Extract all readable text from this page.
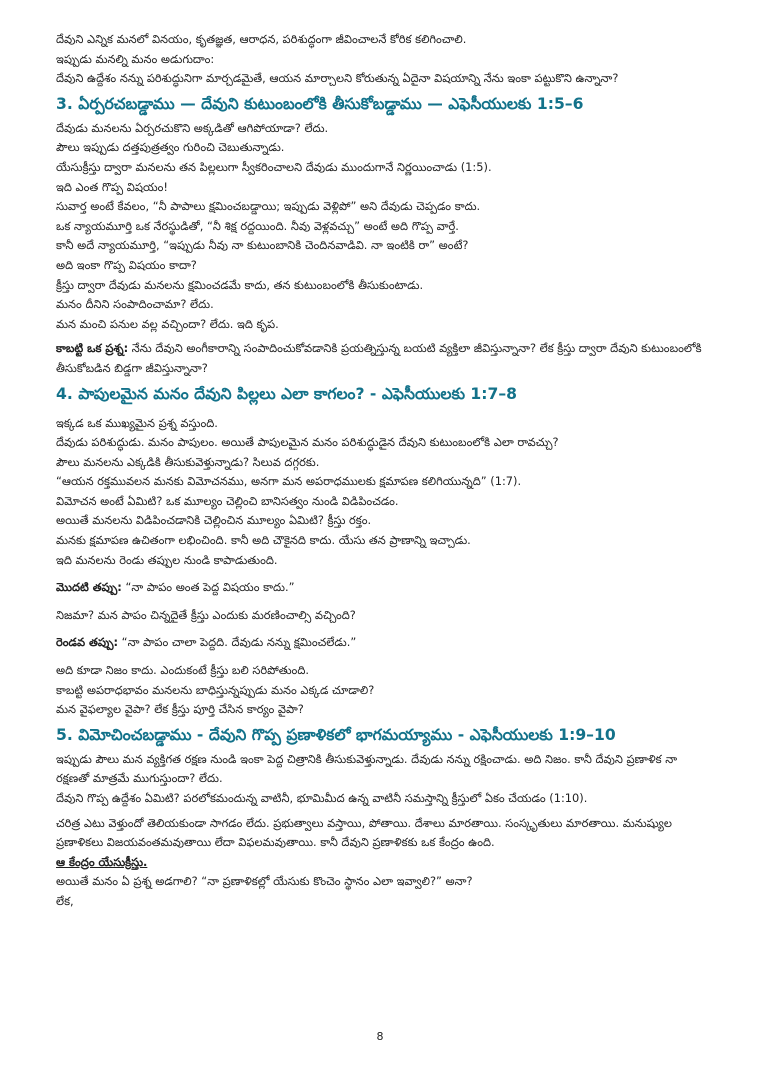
దేవుని ఎన్నిక మనలో వినయం, కృతజ్ఞత, ఆరాధన, పరిశుద్ధంగా జీవించాలనే కోరిక కలిగించాలి.

ఇప్పుడు మనల్ని మనం అడుగుదాం:

దేవుని ఉద్దేశం నన్ను పరిశుద్ధునిగా మార్చడమైతే, ఆయన మార్చాలని కోరుతున్న ఏదైనా విషయాన్ని నేను ఇంకా పట్టుకొని ఉన్నానా?

3. ఏర్పరచబడ్డాము — దేవుని కుటుంబంలోకి తీసుకోబడ్డాము — ఎఫెసీయులకు 1:5–6

దేవుడు మనలను ఏర్పరచుకొని అక్కడితో ఆగిపోయాడా? లేదు.

పౌలు ఇప్పుడు దత్తపుత్రత్వం గురించి చెబుతున్నాడు.

యేసుక్రీస్తు ద్వారా మనలను తన పిల్లలుగా స్వీకరించాలని దేవుడు ముందుగానే నిర్ణయించాడు (1:5).

ఇది ఎంత గొప్ప విషయం!

సువార్త అంటే కేవలం, “నీ పాపాలు క్షమించబడ్డాయి; ఇప్పుడు వెళ్లిపో” అని దేవుడు చెప్పడం కాదు.

ఒక న్యాయమూర్తి ఒక నేరస్థుడితో, “నీ శిక్ష రద్దయింది. నీవు వెళ్లవచ్చు” అంటే అది గొప్ప వార్తే.

కానీ అదే న్యాయమూర్తి, “ఇప్పుడు నీవు నా కుటుంబానికి చెందినవాడివి. నా ఇంటికి రా” అంటే?

అది ఇంకా గొప్ప విషయం కాదా?

క్రీస్తు ద్వారా దేవుడు మనలను క్షమించడమే కాదు, తన కుటుంబంలోకి తీసుకుంటాడు.

మనం దీనిని సంపాదించామా? లేదు.

మన మంచి పనుల వల్ల వచ్చిందా? లేదు. ఇది కృప.

కాబట్టి ఒక ప్రశ్న: నేను దేవుని అంగీకారాన్ని సంపాదించుకోవడానికి ప్రయత్నిస్తున్న బయటి వ్యక్తిలా జీవిస్తున్నానా? లేక క్రీస్తు ద్వారా దేవుని కుటుంబంలోకి తీసుకోబడిన బిడ్డగా జీవిస్తున్నానా?

4. పాపులమైన మనం దేవుని పిల్లలు ఎలా కాగలం? - ఎఫెసీయులకు 1:7–8

ఇక్కడ ఒక ముఖ్యమైన ప్రశ్న వస్తుంది.

దేవుడు పరిశుద్ధుడు. మనం పాపులం. అయితే పాపులమైన మనం పరిశుద్ధుడైన దేవుని కుటుంబంలోకి ఎలా రావచ్చు?

పౌలు మనలను ఎక్కడికి తీసుకువెళ్తున్నాడు? సిలువ దగ్గరకు.

“ఆయన రక్తమువలన మనకు విమోచనము, అనగా మన అపరాధములకు క్షమాపణ కలిగియున్నది” (1:7).

విమోచన అంటే ఏమిటి? ఒక మూల్యం చెల్లించి బానిసత్వం నుండి విడిపించడం.

అయితే మనలను విడిపించడానికి చెల్లించిన మూల్యం ఏమిటి? క్రీస్తు రక్తం.

మనకు క్షమాపణ ఉచితంగా లభించింది. కానీ అది చౌకైనది కాదు. యేసు తన ప్రాణాన్ని ఇచ్చాడు.

ఇది మనలను రెండు తప్పుల నుండి కాపాడుతుంది.

మొదటి తప్పు: “నా పాపం అంత పెద్ద విషయం కాదు.”

నిజమా? మన పాపం చిన్నదైతే క్రీస్తు ఎందుకు మరణించాల్సి వచ్చింది?

రెండవ తప్పు: “నా పాపం చాలా పెద్దది. దేవుడు నన్ను క్షమించలేడు.”

అది కూడా నిజం కాదు. ఎందుకంటే క్రీస్తు బలి సరిపోతుంది.

కాబట్టి అపరాధభావం మనలను బాధిస్తున్నప్పుడు మనం ఎక్కడ చూడాలి?

మన వైఫల్యాల వైపా? లేక క్రీస్తు పూర్తి చేసిన కార్యం వైపా?

5. విమోచించబడ్డాము - దేవుని గొప్ప ప్రణాళికలో భాగమయ్యాము - ఎఫెసీయులకు 1:9–10

ఇప్పుడు పౌలు మన వ్యక్తిగత రక్షణ నుండి ఇంకా పెద్ద చిత్రానికి తీసుకువెళ్తున్నాడు. దేవుడు నన్ను రక్షించాడు. అది నిజం. కానీ దేవుని ప్రణాళిక నా రక్షణతో మాత్రమే ముగుస్తుందా? లేదు.

దేవుని గొప్ప ఉద్దేశం ఏమిటి? పరలోకమందున్న వాటినీ, భూమిమీద ఉన్న వాటినీ సమస్తాన్ని క్రీస్తులో ఏకం చేయడం (1:10).

చరిత్ర ఎటు వెళ్తుందో తెలియకుండా సాగడం లేదు. ప్రభుత్వాలు వస్తాయి, పోతాయి. దేశాలు మారతాయి. సంస్కృతులు మారతాయి. మనుష్యుల ప్రణాళికలు విజయవంతమవుతాయి లేదా విఫలమవుతాయి. కానీ దేవుని ప్రణాళికకు ఒక కేంద్రం ఉంది.

ఆ కేంద్రం యేసుక్రీస్తు.

అయితే మనం ఏ ప్రశ్న అడగాలి? “నా ప్రణాళికల్లో యేసుకు కొంచెం స్థానం ఎలా ఇవ్వాలి?” అనా?

లేక,

8
